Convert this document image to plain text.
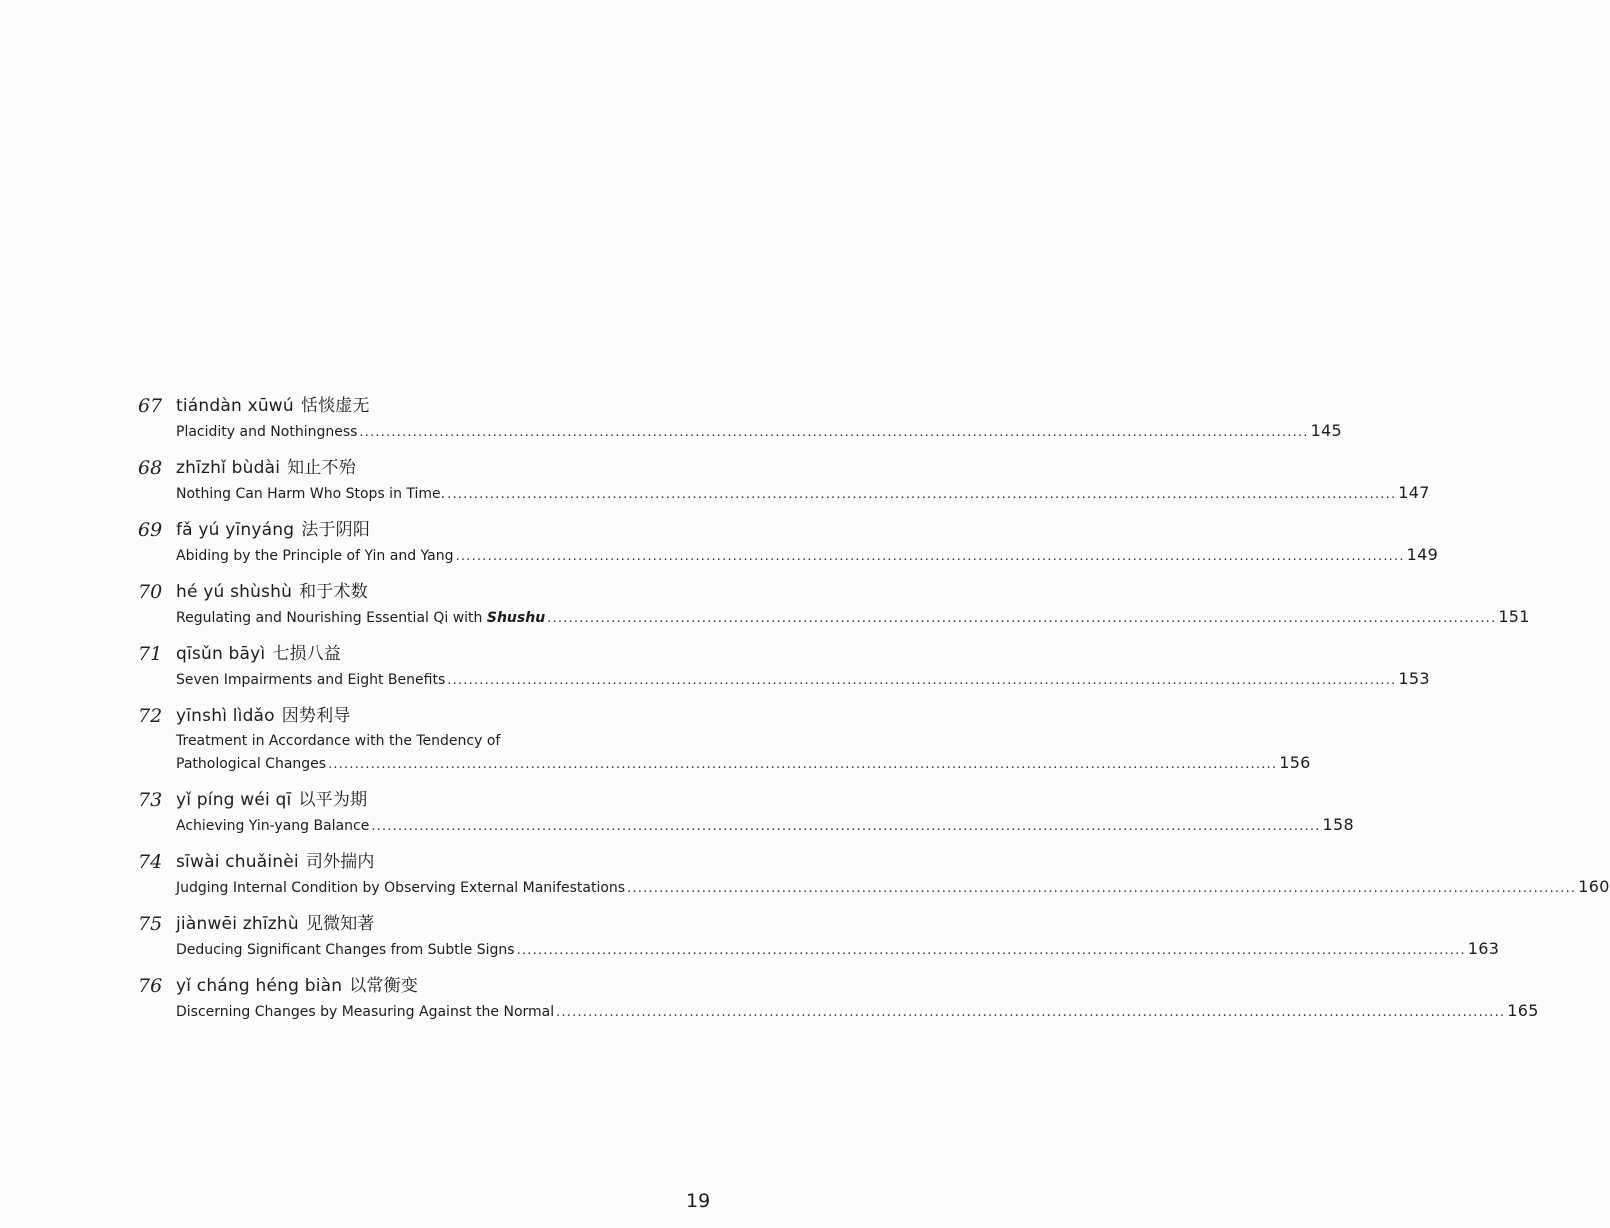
67 tiándàn xūwú 恬惔虚无
Placidity and Nothingness .....	145
68 zhīzhǐ bùdài 知止不殆
Nothing Can Harm Who Stops in Time. .....	147
69 fǎ yú yīnyáng 法于阴阳
Abiding by the Principle of Yin and Yang .....	149
70 hé yú shùshù 和于术数
Regulating and Nourishing Essential Qi with Shushu .....	151
71 qīsǔn bāyì 七损八益
Seven Impairments and Eight Benefits .....	153
72 yīnshì lìdǎo 因势利导
Treatment in Accordance with the Tendency of
Pathological Changes .....	156
73 yǐ píng wéi qī 以平为期
Achieving Yin-yang Balance .....	158
74 sīwài chuǎinèi 司外揣内
Judging Internal Condition by Observing External Manifestations .....	160
75 jiànwēi zhīzhù 见微知著
Deducing Significant Changes from Subtle Signs .....	163
76 yǐ cháng héng biàn 以常衡变
Discerning Changes by Measuring Against the Normal .....	165
19
